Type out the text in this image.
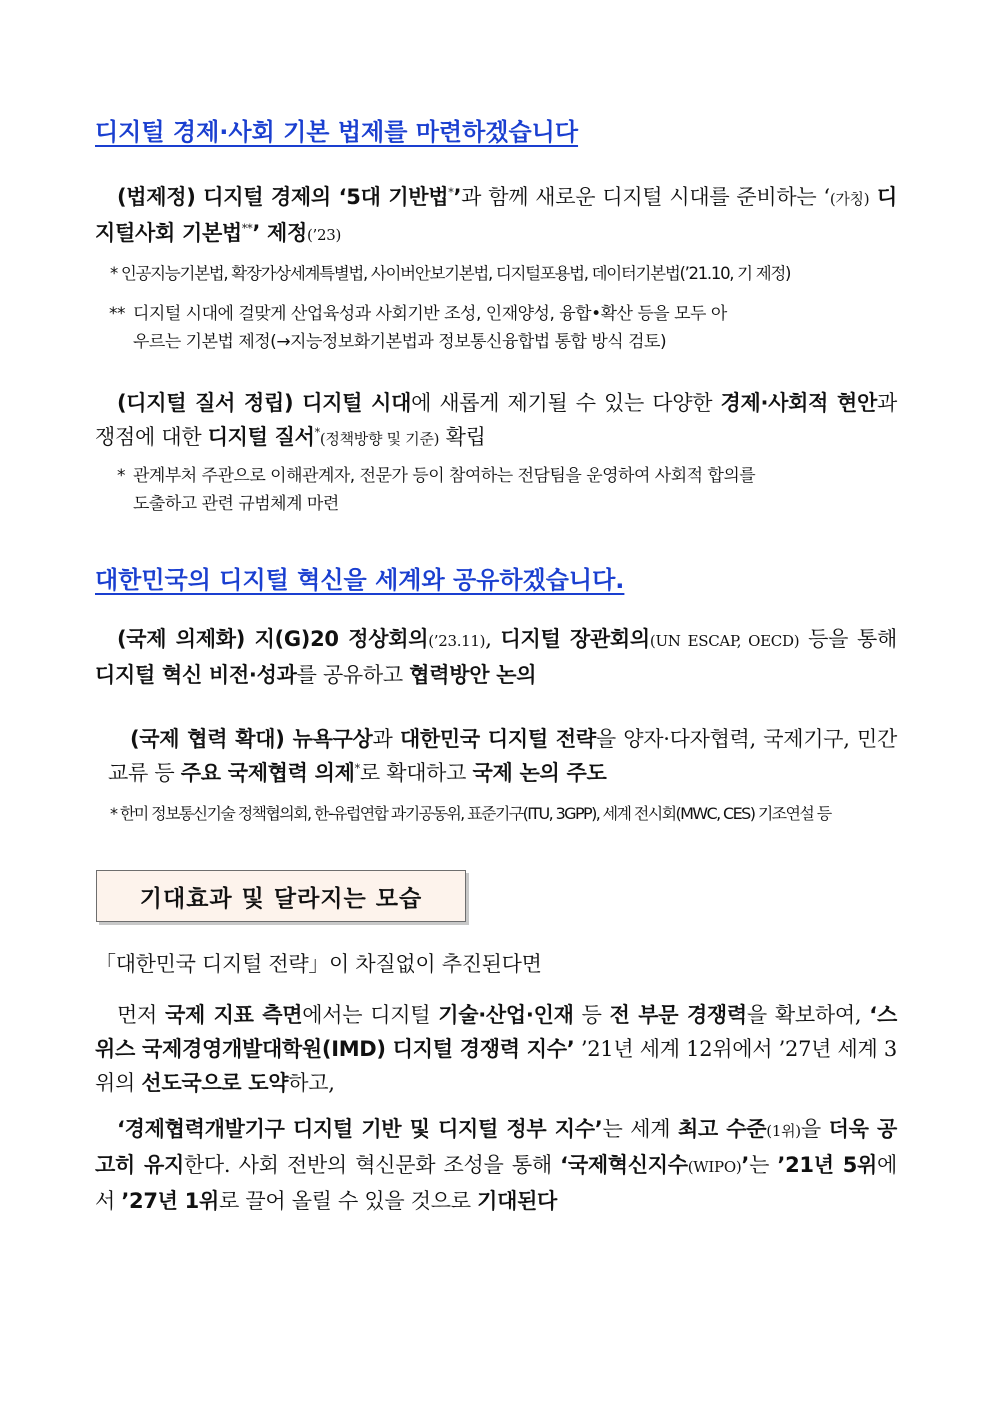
디지털 경제·사회 기본 법제를 마련하겠습니다
(법제정) 디지털 경제의 ‘5대 기반법*’과 함께 새로운 디지털 시대를 준비하는 ‘(가칭) 디지털사회 기본법**’ 제정(’23)
* 인공지능기본법, 확장가상세계특별법, 사이버안보기본법, 디지털포용법, 데이터기본법(’21.10, 기 제정)
** 디지털 시대에 걸맞게 산업육성과 사회기반 조성, 인재양성, 융합•확산 등을 모두 아
우르는 기본법 제정(→지능정보화기본법과 정보통신융합법 통합 방식 검토)
(디지털 질서 정립) 디지털 시대에 새롭게 제기될 수 있는 다양한 경제·사회적 현안과 쟁점에 대한 디지털 질서*(정책방향 및 기준) 확립
* 관계부처 주관으로 이해관계자, 전문가 등이 참여하는 전담팀을 운영하여 사회적 합의를
도출하고 관련 규범체계 마련
대한민국의 디지털 혁신을 세계와 공유하겠습니다.
(국제 의제화) 지(G)20 정상회의(’23.11), 디지털 장관회의(UN ESCAP, OECD) 등을 통해 디지털 혁신 비전·성과를 공유하고 협력방안 논의
(국제 협력 확대) 뉴욕구상과 대한민국 디지털 전략을 양자·다자협력, 국제기구, 민간 교류 등 주요 국제협력 의제*로 확대하고 국제 논의 주도
* 한미 정보통신기술 정책협의회, 한-유럽연합 과기공동위, 표준기구(ITU, 3GPP), 세계 전시회(MWC, CES) 기조연설 등
기대효과 및 달라지는 모습
「대한민국 디지털 전략」이 차질없이 추진된다면
먼저 국제 지표 측면에서는 디지털 기술·산업·인재 등 전 부문 경쟁력을 확보하여, ‘스위스 국제경영개발대학원(IMD) 디지털 경쟁력 지수’ ’21년 세계 12위에서 ’27년 세계 3위의 선도국으로 도약하고,
‘경제협력개발기구 디지털 기반 및 디지털 정부 지수’는 세계 최고 수준(1위)을 더욱 공고히 유지한다. 사회 전반의 혁신문화 조성을 통해 ‘국제혁신지수(WIPO)’는 ’21년 5위에서 ’27년 1위로 끌어 올릴 수 있을 것으로 기대된다
